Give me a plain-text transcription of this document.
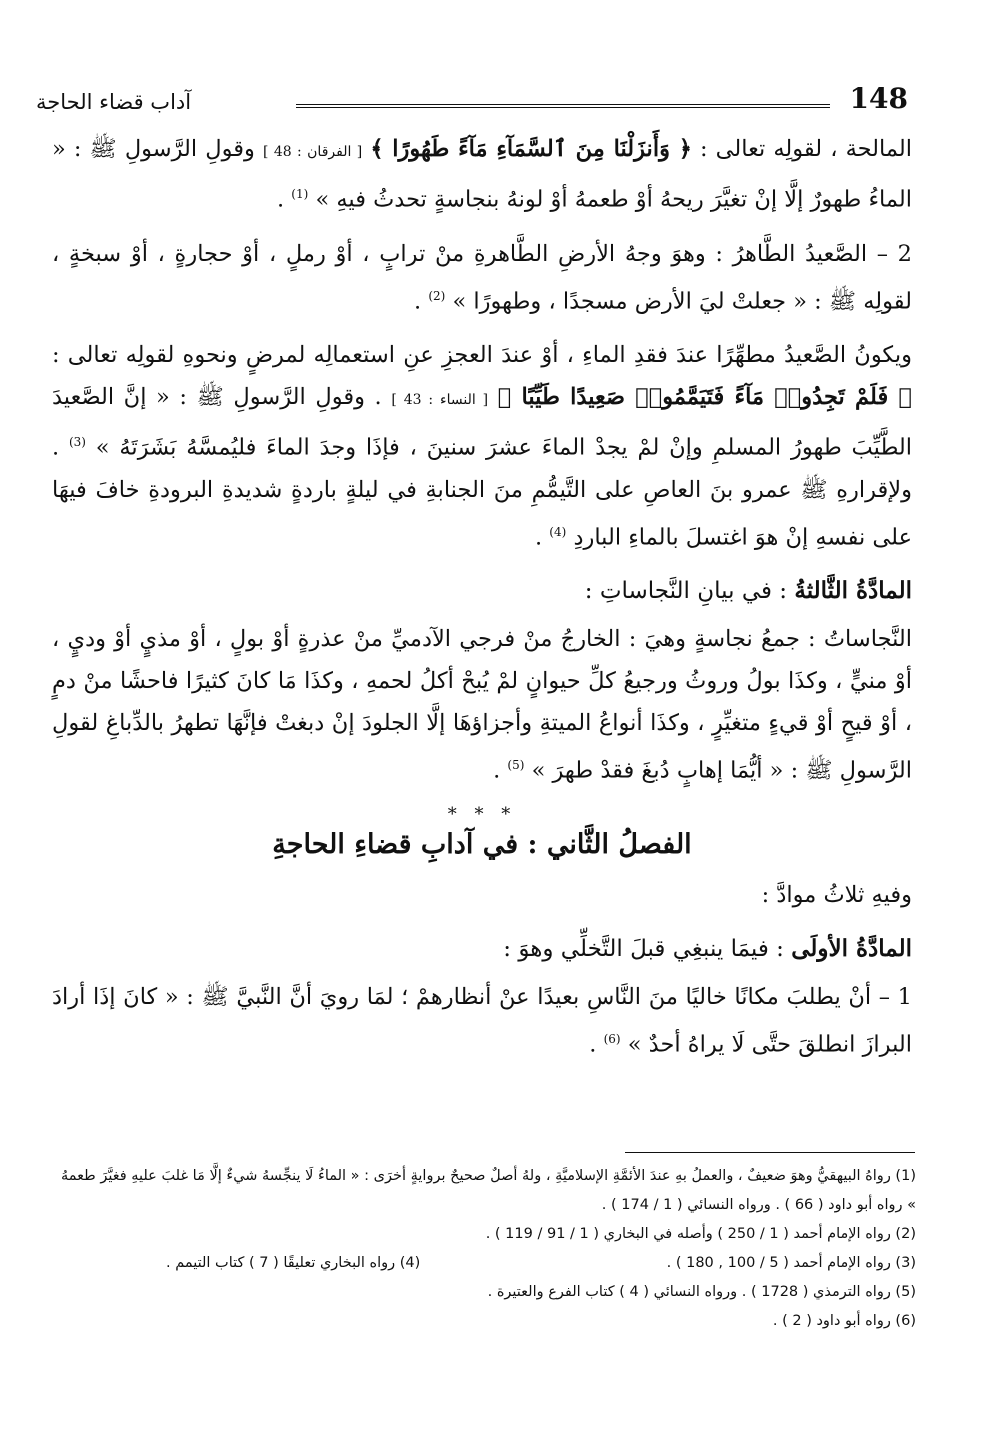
148
آداب قضاء الحاجة
المالحة ، لقولِه تعالى : ﴿ وَأَنزَلْنَا مِنَ ٱلسَّمَآءِ مَآءً طَهُورًا ﴾ [ الفرقان : 48 ] وقولِ الرَّسولِ ﷺ : « الماءُ طهورٌ إلَّا إنْ تغيَّرَ ريحهُ أوْ طعمهُ أوْ لونهُ بنجاسةٍ تحدثُ فيهِ » $^{(1)}$ .
2 – الصَّعيدُ الطَّاهرُ : وهوَ وجهُ الأرضِ الطَّاهرةِ منْ ترابٍ ، أوْ رملٍ ، أوْ حجارةٍ ، أوْ سبخةٍ ، لقولِه ﷺ : « جعلتْ ليَ الأرض مسجدًا ، وطهورًا » $^{(2)}$ .
ويكونُ الصَّعيدُ مطهِّرًا عندَ فقدِ الماءِ ، أوْ عندَ العجزِ عنِ استعمالِه لمرضٍ ونحوهِ لقولِه تعالى : ﴿ فَلَمْ تَجِدُوا۟ مَآءً فَتَيَمَّمُوا۟ صَعِيدًا طَيِّبًا ﴾ [ النساء : 43 ] . وقولِ الرَّسولِ ﷺ : « إنَّ الصَّعيدَ الطَّيِّبَ طهورُ المسلمِ وإنْ لمْ يجدْ الماءَ عشرَ سنينَ ، فإذَا وجدَ الماءَ فليُمسَّهُ بَشَرَتَهُ » $^{(3)}$ . ولإقرارهِ ﷺ عمرو بنَ العاصِ على التَّيمُّمِ منَ الجنابةِ في ليلةٍ باردةٍ شديدةِ البرودةِ خافَ فيهَا على نفسهِ إنْ هوَ اغتسلَ بالماءِ الباردِ $^{(4)}$ .
المادَّةُ الثَّالثةُ : في بيانِ النَّجاساتِ :
النَّجاساتُ : جمعُ نجاسةٍ وهيَ : الخارجُ منْ فرجي الآدميِّ منْ عذرةٍ أوْ بولٍ ، أوْ مذيٍ أوْ وديٍ ، أوْ منيٍّ ، وكذَا بولُ وروثُ ورجيعُ كلِّ حيوانٍ لمْ يُبحْ أكلُ لحمهِ ، وكذَا مَا كانَ كثيرًا فاحشًا منْ دمٍ ، أوْ قيحٍ أوْ قيءٍ متغيِّرٍ ، وكذَا أنواعُ الميتةِ وأجزاؤهَا إلَّا الجلودَ إنْ دبغتْ فإنَّهَا تطهرُ بالدِّباغِ لقولِ الرَّسولِ ﷺ : « أيُّمَا إهابٍ دُبغَ فقدْ طهرَ » $^{(5)}$ .
* * *
الفصلُ الثَّاني : في آدابِ قضاءِ الحاجةِ
وفيهِ ثلاثُ موادَّ :
المادَّةُ الأولَى : فيمَا ينبغِي قبلَ التَّخلِّي وهوَ :
1 – أنْ يطلبَ مكانًا خاليًا منَ النَّاسِ بعيدًا عنْ أنظارهمْ ؛ لمَا رويَ أنَّ النَّبيَّ ﷺ : « كانَ إذَا أرادَ البرازَ انطلقَ حتَّى لَا يراهُ أحدٌ » $^{(6)}$ .

(1) رواهُ البيهقيُّ وهوَ ضعيفٌ ، والعملُ بهِ عندَ الأئمَّةِ الإسلاميَّةِ ، ولهُ أصلٌ صحيحٌ بروايةٍ أخرَى : « الماءُ لَا ينجِّسهُ شيءٌ إلَّا مَا غلبَ عليهِ فغيَّرَ طعمهُ » رواه أبو داود ( 66 ) . ورواه النسائي ( 1 / 174 ) .

(2) رواه الإمام أحمد ( 1 / 250 ) وأصله في البخاري ( 1 / 91 / 119 ) .

(3) رواه الإمام أحمد ( 5 / 100 , 180 ) .

(4) رواه البخاري تعليقًا ( 7 ) كتاب التيمم .

(5) رواه الترمذي ( 1728 ) . ورواه النسائي ( 4 ) كتاب الفرع والعتيرة .

(6) رواه أبو داود ( 2 ) .
